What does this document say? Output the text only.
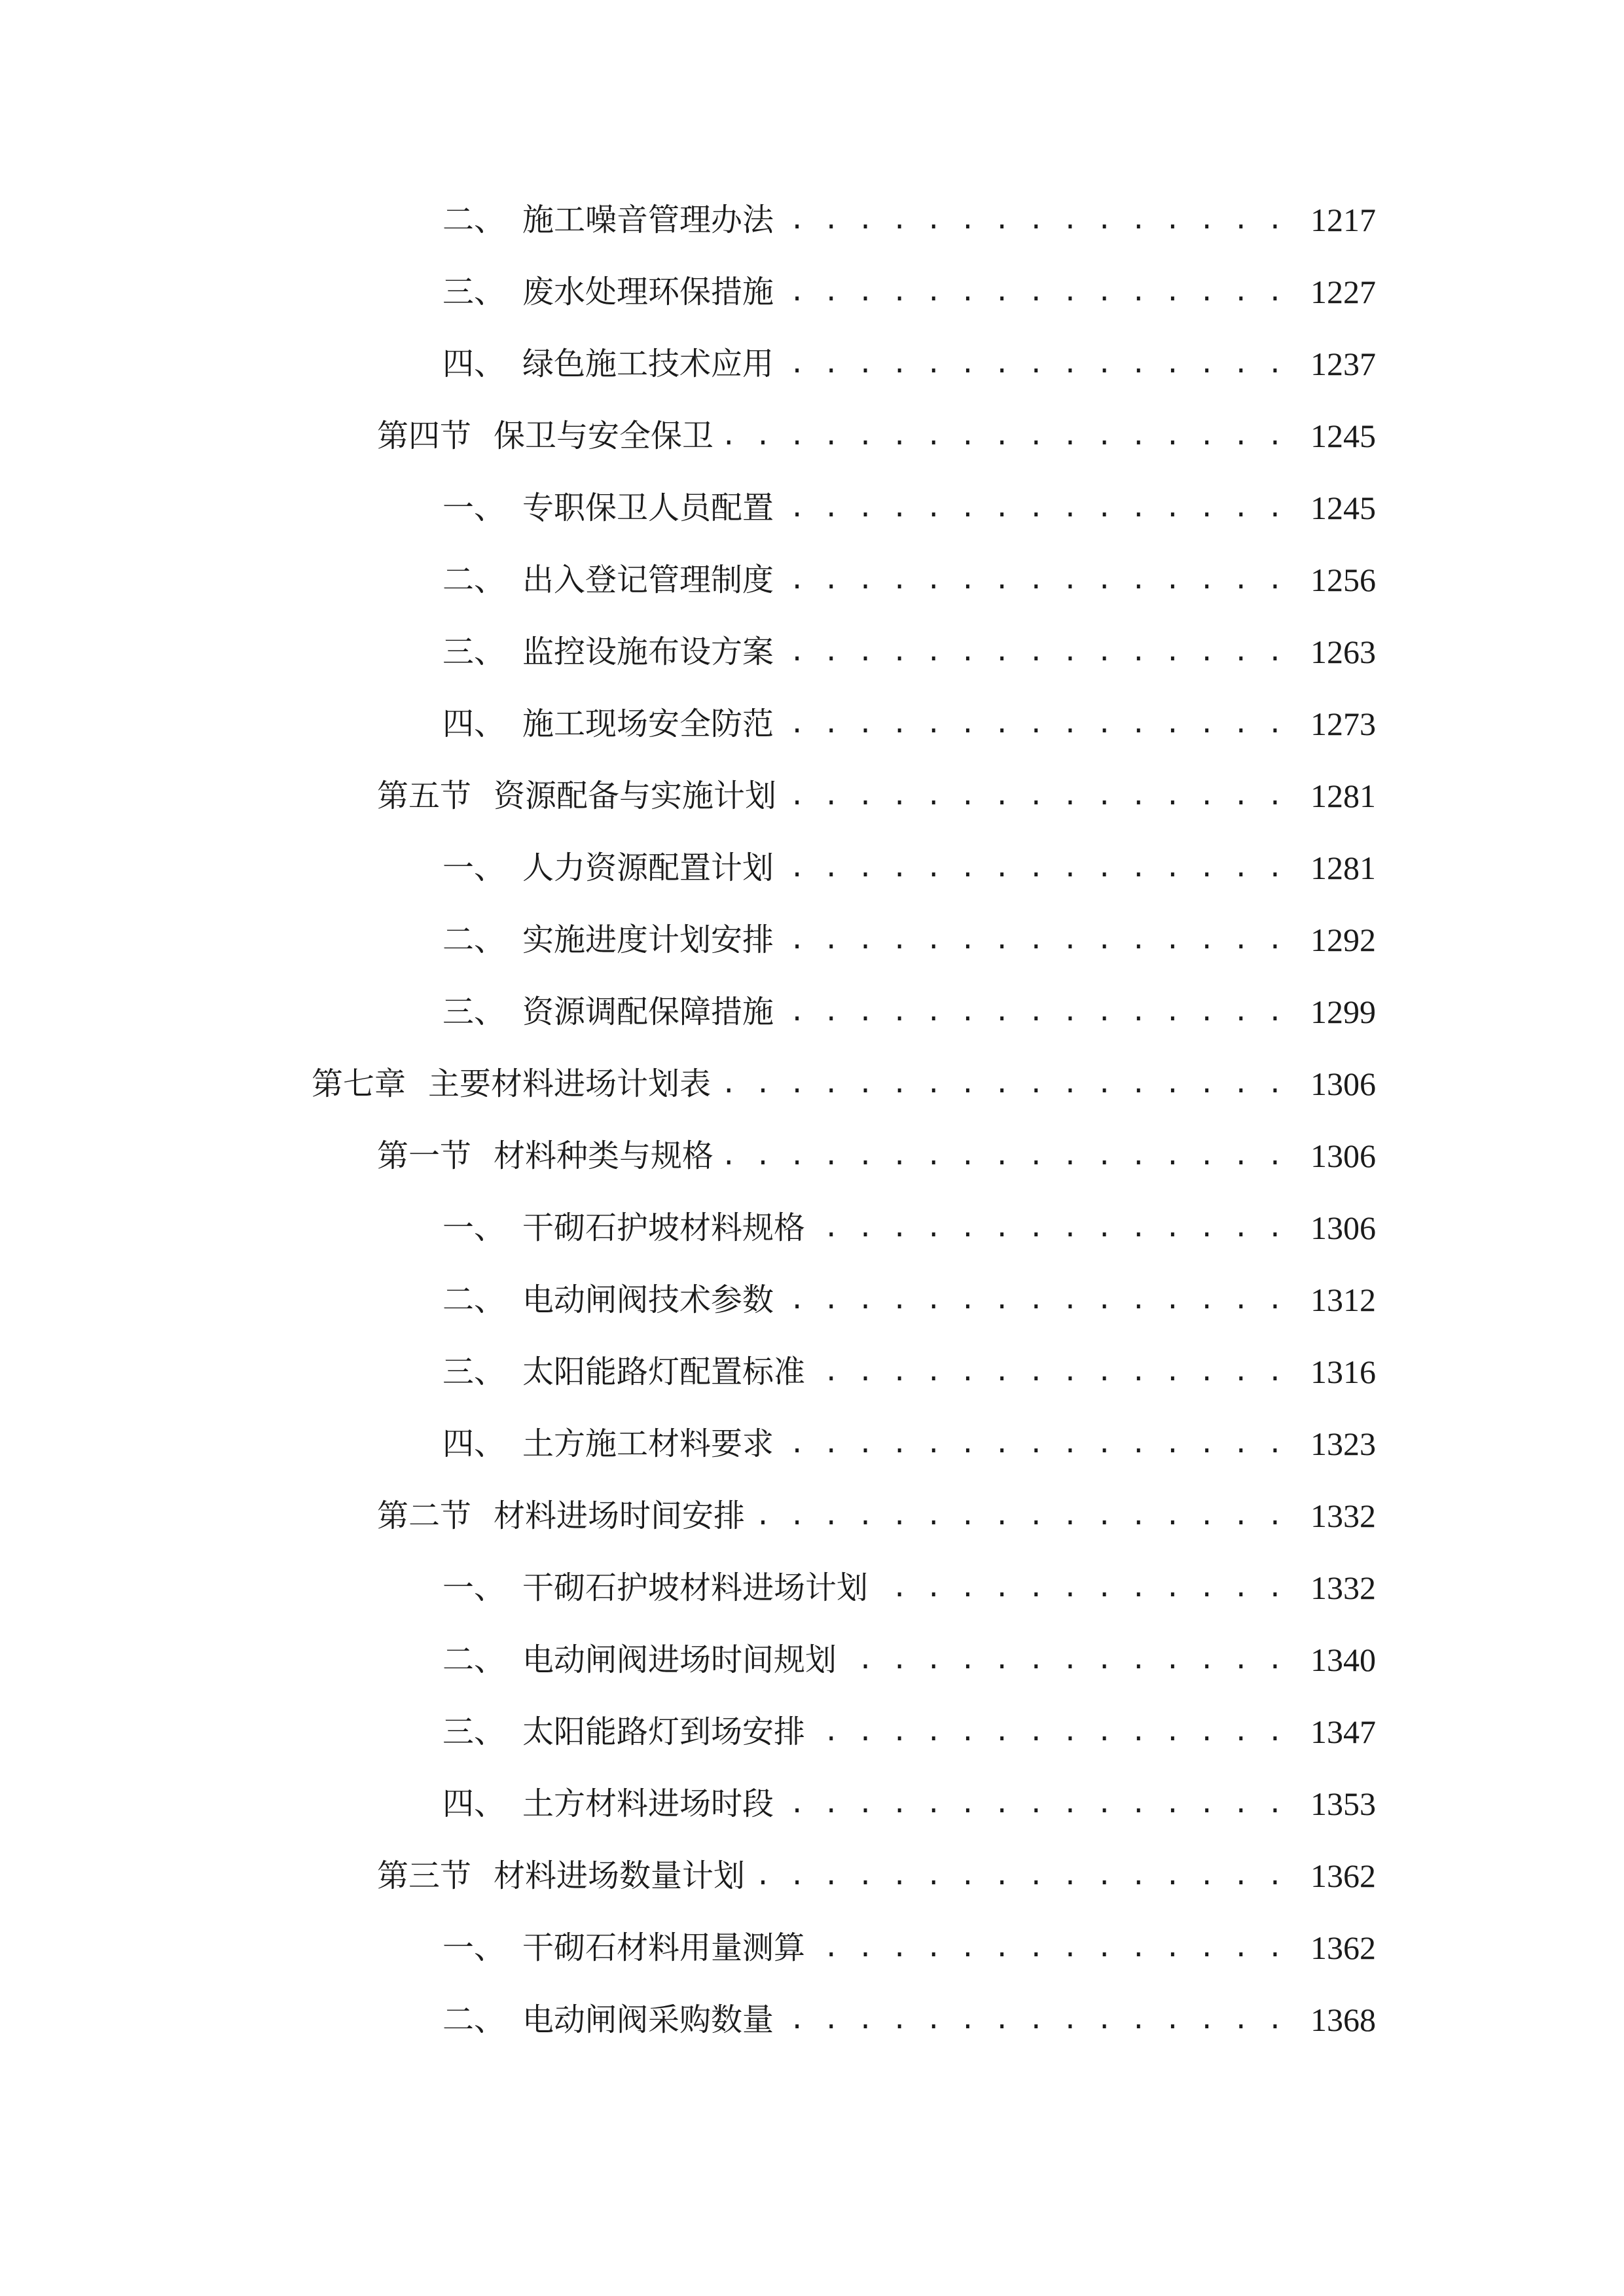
二、 施工噪音管理办法 . . .	1217
三、 废水处理环保措施 . . .	1227
四、 绿色施工技术应用 . . .	1237
第四节 保卫与安全保卫 . . .	1245
一、 专职保卫人员配置 . . .	1245
二、 出入登记管理制度 . . .	1256
三、 监控设施布设方案 . . .	1263
四、 施工现场安全防范 . . .	1273
第五节 资源配备与实施计划 . . .	1281
一、 人力资源配置计划 . . .	1281
二、 实施进度计划安排 . . .	1292
三、 资源调配保障措施 . . .	1299
第七章 主要材料进场计划表 . . .	1306
第一节 材料种类与规格 . . .	1306
一、 干砌石护坡材料规格 . . .	1306
二、 电动闸阀技术参数 . . .	1312
三、 太阳能路灯配置标准 . . .	1316
四、 土方施工材料要求 . . .	1323
第二节 材料进场时间安排 . . .	1332
一、 干砌石护坡材料进场计划 . . .	1332
二、 电动闸阀进场时间规划 . . .	1340
三、 太阳能路灯到场安排 . . .	1347
四、 土方材料进场时段 . . .	1353
第三节 材料进场数量计划 . . .	1362
一、 干砌石材料用量测算 . . .	1362
二、 电动闸阀采购数量 . . .	1368
